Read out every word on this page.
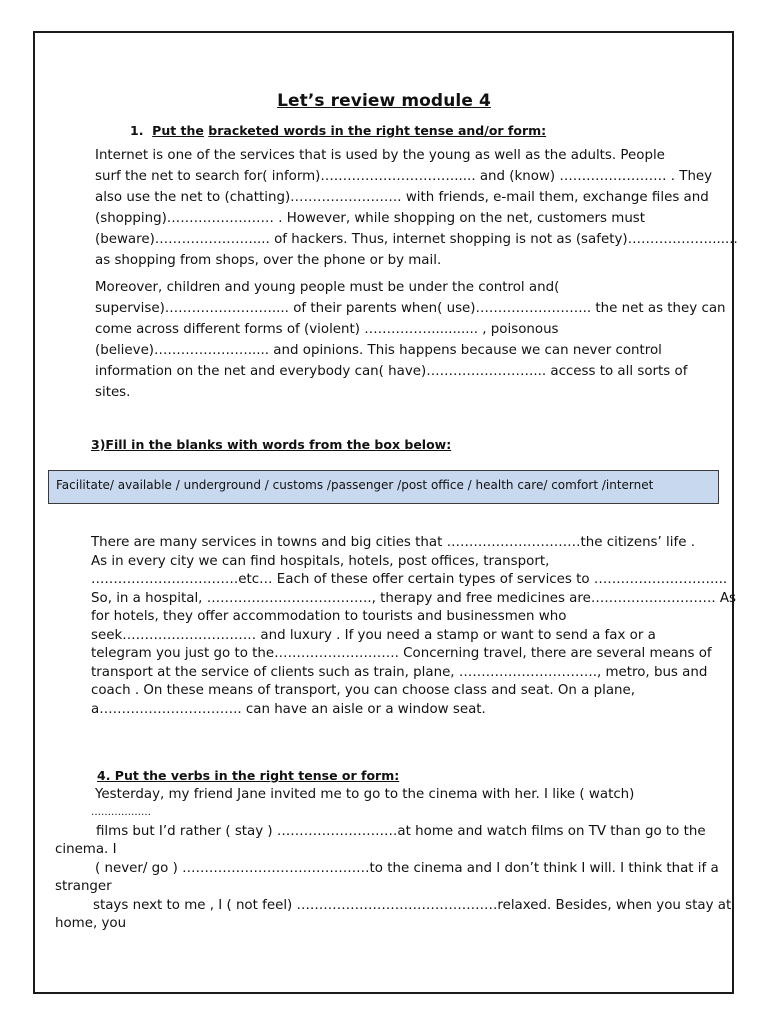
Let’s review module 4
1. Put the bracketed words in the right tense and/or form:
Internet is one of the services that is used by the young as well as the adults. People
surf the net to search for( inform)…………………………..... and (know) …………………… . They
also use the net to (chatting)……………………. with friends, e-mail them, exchange files and
(shopping)…………………… . However, while shopping on the net, customers must
(beware)…………………..... of hackers. Thus, internet shopping is not as (safety)……………….......
as shopping from shops, over the phone or by mail.
Moreover, children and young people must be under the control and(
supervise)…………………….... of their parents when( use)…………………….. the net as they can
come across different forms of (violent) ……………........... , poisonous
(believe)…………………..... and opinions. This happens because we can never control
information on the net and everybody can( have)……………………... access to all sorts of
sites.
3)Fill in the blanks with words from the box below:
Facilitate/ available / underground / customs /passenger /post office / health care/ comfort /internet
There are many services in towns and big cities that …………………………the citizens’ life .
As in every city we can find hospitals, hotels, post offices, transport,
……………………………etc… Each of these offer certain types of services to ………………………...
So, in a hospital, ………………………………., therapy and free medicines are………………………. As
for hotels, they offer accommodation to tourists and businessmen who
seek………………………… and luxury . If you need a stamp or want to send a fax or a
telegram you just go to the………………………. Concerning travel, there are several means of
transport at the service of clients such as train, plane, …………………………., metro, bus and
coach . On these means of transport, you can choose class and seat. On a plane,
a………………………….. can have an aisle or a window seat.
4. Put the verbs in the right tense or form:
Yesterday, my friend Jane invited me to go to the cinema with her. I like ( watch)
………………
films but I’d rather ( stay ) ………………………at home and watch films on TV than go to the
cinema. I
( never/ go ) ……………………………………to the cinema and I don’t think I will. I think that if a
stranger
stays next to me , I ( not feel) ………………………………………relaxed. Besides, when you stay at
home, you
